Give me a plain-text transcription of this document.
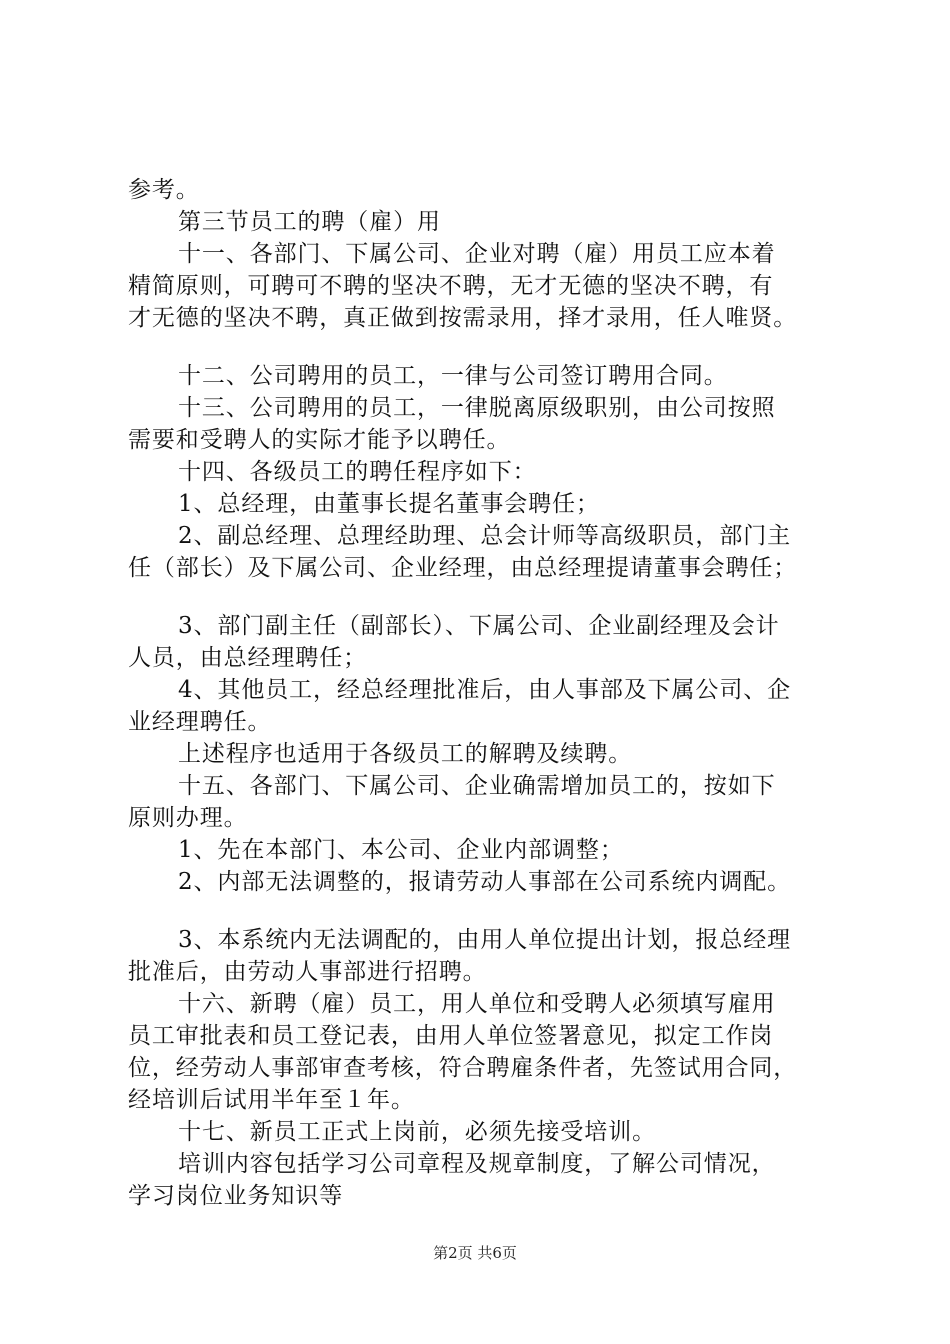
参考。

第三节员工的聘（雇）用

十一、各部门、下属公司、企业对聘（雇）用员工应本着

精简原则，可聘可不聘的坚决不聘，无才无德的坚决不聘，有

才无德的坚决不聘，真正做到按需录用，择才录用，任人唯贤。

十二、公司聘用的员工，一律与公司签订聘用合同。

十三、公司聘用的员工，一律脱离原级职别，由公司按照

需要和受聘人的实际才能予以聘任。

十四、各级员工的聘任程序如下：

1、总经理，由董事长提名董事会聘任；

2、副总经理、总理经助理、总会计师等高级职员，部门主

任（部长）及下属公司、企业经理，由总经理提请董事会聘任；

3、部门副主任（副部长）、下属公司、企业副经理及会计

人员，由总经理聘任；

4、其他员工，经总经理批准后，由人事部及下属公司、企

业经理聘任。

上述程序也适用于各级员工的解聘及续聘。

十五、各部门、下属公司、企业确需增加员工的，按如下

原则办理。

1、先在本部门、本公司、企业内部调整；

2、内部无法调整的，报请劳动人事部在公司系统内调配。

3、本系统内无法调配的，由用人单位提出计划，报总经理

批准后，由劳动人事部进行招聘。

十六、新聘（雇）员工，用人单位和受聘人必须填写雇用

员工审批表和员工登记表，由用人单位签署意见，拟定工作岗

位，经劳动人事部审查考核，符合聘雇条件者，先签试用合同，

经培训后试用半年至１年。

十七、新员工正式上岗前，必须先接受培训。

培训内容包括学习公司章程及规章制度，了解公司情况，

学习岗位业务知识等

第2页 共6页
